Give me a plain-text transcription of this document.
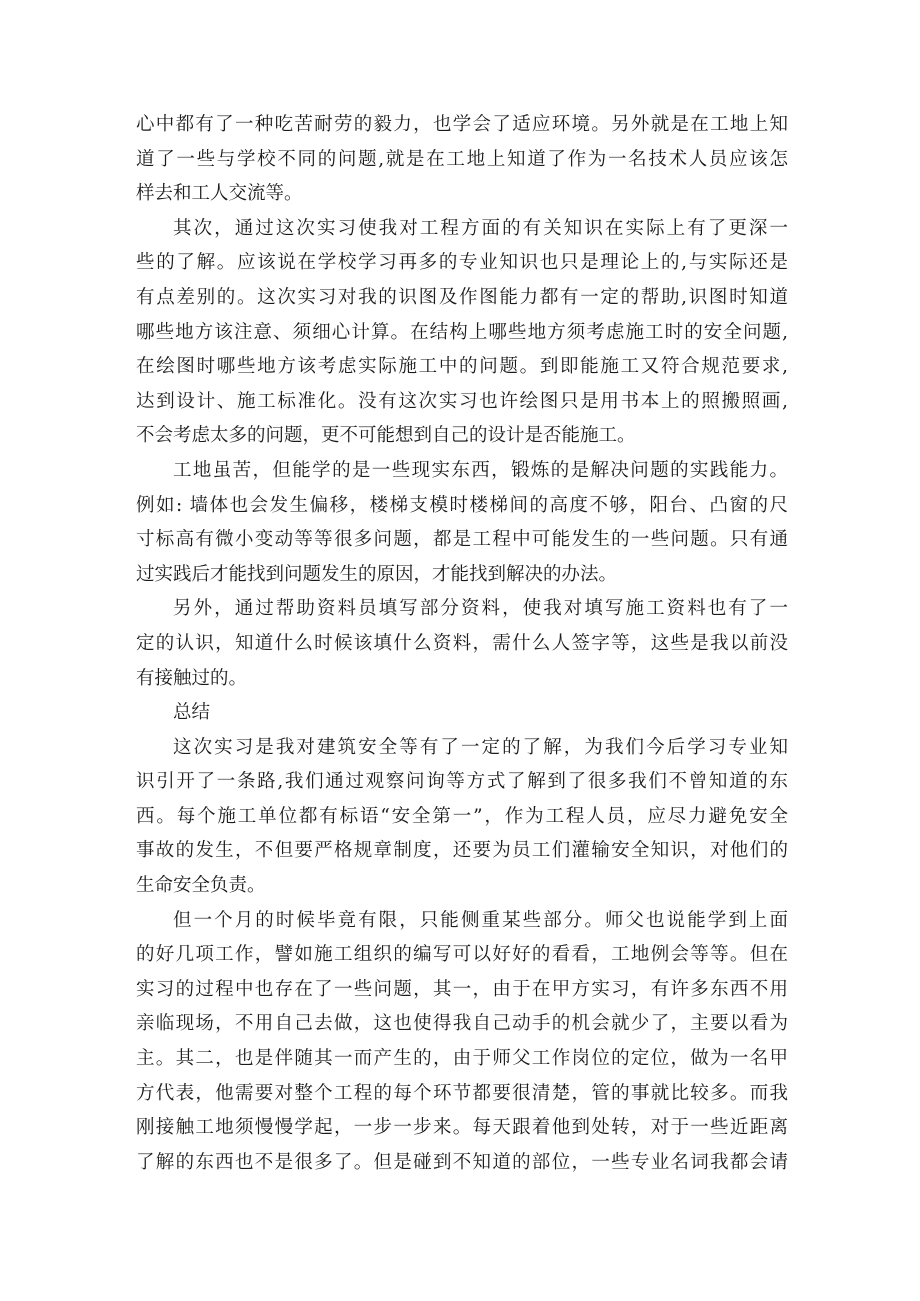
心中都有了一种吃苦耐劳的毅力，也学会了适应环境。另外就是在工地上知
道了一些与学校不同的问题,就是在工地上知道了作为一名技术人员应该怎
样去和工人交流等。
其次，通过这次实习使我对工程方面的有关知识在实际上有了更深一
些的了解。应该说在学校学习再多的专业知识也只是理论上的,与实际还是
有点差别的。这次实习对我的识图及作图能力都有一定的帮助,识图时知道
哪些地方该注意、须细心计算。在结构上哪些地方须考虑施工时的安全问题,
在绘图时哪些地方该考虑实际施工中的问题。到即能施工又符合规范要求,
达到设计、施工标准化。没有这次实习也许绘图只是用书本上的照搬照画,
不会考虑太多的问题，更不可能想到自己的设计是否能施工。
工地虽苦，但能学的是一些现实东西，锻炼的是解决问题的实践能力。
例如: 墙体也会发生偏移，楼梯支模时楼梯间的高度不够，阳台、凸窗的尺
寸标高有微小变动等等很多问题，都是工程中可能发生的一些问题。只有通
过实践后才能找到问题发生的原因，才能找到解决的办法。
另外，通过帮助资料员填写部分资料，使我对填写施工资料也有了一
定的认识，知道什么时候该填什么资料，需什么人签字等，这些是我以前没
有接触过的。
总结
这次实习是我对建筑安全等有了一定的了解，为我们今后学习专业知
识引开了一条路,我们通过观察问询等方式了解到了很多我们不曾知道的东
西。每个施工单位都有标语“安全第一”，作为工程人员，应尽力避免安全
事故的发生，不但要严格规章制度，还要为员工们灌输安全知识，对他们的
生命安全负责。
但一个月的时候毕竟有限，只能侧重某些部分。师父也说能学到上面
的好几项工作，譬如施工组织的编写可以好好的看看，工地例会等等。但在
实习的过程中也存在了一些问题，其一，由于在甲方实习，有许多东西不用
亲临现场，不用自己去做，这也使得我自己动手的机会就少了，主要以看为
主。其二，也是伴随其一而产生的，由于师父工作岗位的定位，做为一名甲
方代表，他需要对整个工程的每个环节都要很清楚，管的事就比较多。而我
刚接触工地须慢慢学起，一步一步来。每天跟着他到处转，对于一些近距离
了解的东西也不是很多了。但是碰到不知道的部位，一些专业名词我都会请
